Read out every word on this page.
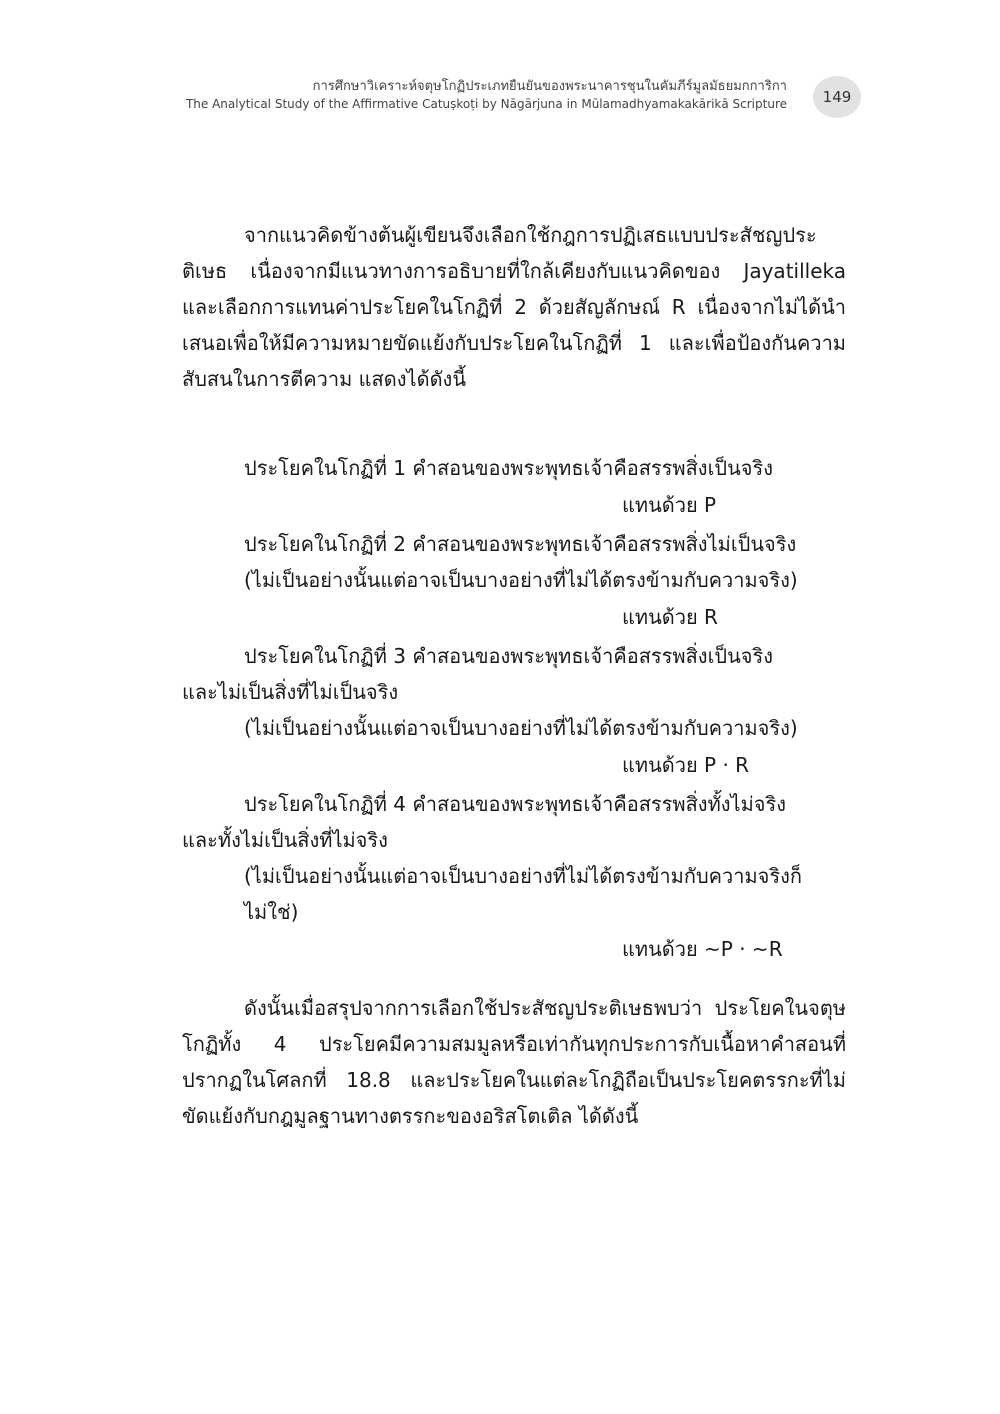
การศึกษาวิเคราะห์จตุษโกฏิประเภทยืนยันของพระนาคารชุนในคัมภีร์มูลมัธยมกการิกา
The Analytical Study of the Affirmative Catuṣkoṭi by Nāgārjuna in Mūlamadhyamakakārikā Scripture 149

จากแนวคิดข้างต้นผู้เขียนจึงเลือกใช้กฎการปฏิเสธแบบประสัชญประติเษธ เนื่องจากมีแนวทางการอธิบายที่ใกล้เคียงกับแนวคิดของ Jayatilleka และเลือกการแทนค่าประโยคในโกฏิที่ 2 ด้วยสัญลักษณ์ R เนื่องจากไม่ได้นำเสนอเพื่อให้มีความหมายขัดแย้งกับประโยคในโกฏิที่ 1 และเพื่อป้องกันความสับสนในการตีความ แสดงได้ดังนี้

ประโยคในโกฏิที่ 1 คำสอนของพระพุทธเจ้าคือสรรพสิ่งเป็นจริง

แทนด้วย P

ประโยคในโกฏิที่ 2 คำสอนของพระพุทธเจ้าคือสรรพสิ่งไม่เป็นจริง

(ไม่เป็นอย่างนั้นแต่อาจเป็นบางอย่างที่ไม่ได้ตรงข้ามกับความจริง)

แทนด้วย R

ประโยคในโกฏิที่ 3 คำสอนของพระพุทธเจ้าคือสรรพสิ่งเป็นจริง

และไม่เป็นสิ่งที่ไม่เป็นจริง

(ไม่เป็นอย่างนั้นแต่อาจเป็นบางอย่างที่ไม่ได้ตรงข้ามกับความจริง)

แทนด้วย P · R

ประโยคในโกฏิที่ 4 คำสอนของพระพุทธเจ้าคือสรรพสิ่งทั้งไม่จริง

และทั้งไม่เป็นสิ่งที่ไม่จริง

(ไม่เป็นอย่างนั้นแต่อาจเป็นบางอย่างที่ไม่ได้ตรงข้ามกับความจริงก็ไม่ใช่)

แทนด้วย ~P · ~R

ดังนั้นเมื่อสรุปจากการเลือกใช้ประสัชญประติเษธพบว่า ประโยคในจตุษโกฏิทั้ง 4 ประโยคมีความสมมูลหรือเท่ากันทุกประการกับเนื้อหาคำสอนที่ปรากฏในโศลกที่ 18.8 และประโยคในแต่ละโกฏิถือเป็นประโยคตรรกะที่ไม่ขัดแย้งกับกฎมูลฐานทางตรรกะของอริสโตเติล ได้ดังนี้
